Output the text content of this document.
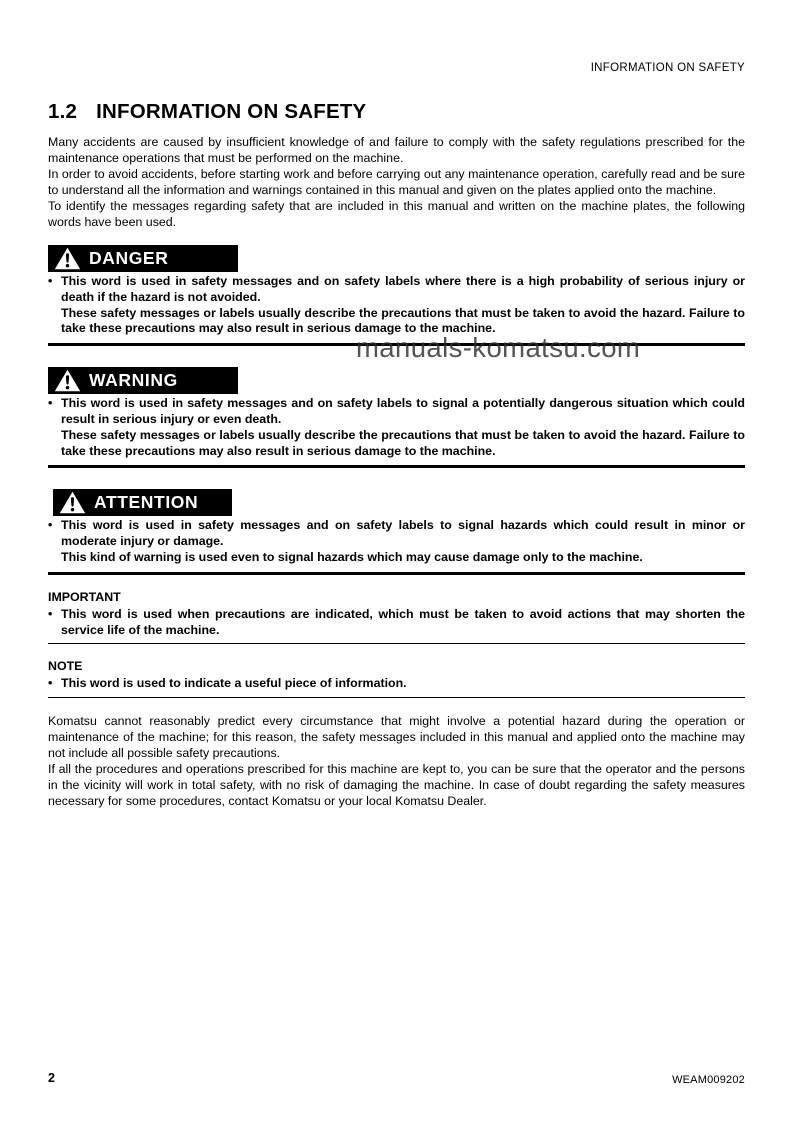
INFORMATION ON SAFETY
1.2 INFORMATION ON SAFETY

Many accidents are caused by insufficient knowledge of and failure to comply with the safety regulations prescribed for the maintenance operations that must be performed on the machine.

In order to avoid accidents, before starting work and before carrying out any maintenance operation, carefully read and be sure to understand all the information and warnings contained in this manual and given on the plates applied onto the machine.

To identify the messages regarding safety that are included in this manual and written on the machine plates, the following words have been used.

DANGER
• This word is used in safety messages and on safety labels where there is a high probability of serious injury or death if the hazard is not avoided.

These safety messages or labels usually describe the precautions that must be taken to avoid the hazard. Failure to take these precautions may also result in serious damage to the machine.

WARNING
• This word is used in safety messages and on safety labels to signal a potentially dangerous situation which could result in serious injury or even death.

These safety messages or labels usually describe the precautions that must be taken to avoid the hazard. Failure to take these precautions may also result in serious damage to the machine.

ATTENTION
• This word is used in safety messages and on safety labels to signal hazards which could result in minor or moderate injury or damage.

This kind of warning is used even to signal hazards which may cause damage only to the machine.

IMPORTANT
• This word is used when precautions are indicated, which must be taken to avoid actions that may shorten the service life of the machine.

NOTE
• This word is used to indicate a useful piece of information.

Komatsu cannot reasonably predict every circumstance that might involve a potential hazard during the operation or maintenance of the machine; for this reason, the safety messages included in this manual and applied onto the machine may not include all possible safety precautions.

If all the procedures and operations prescribed for this machine are kept to, you can be sure that the operator and the persons in the vicinity will work in total safety, with no risk of damaging the machine. In case of doubt regarding the safety measures necessary for some procedures, contact Komatsu or your local Komatsu Dealer.

manuals-komatsu.com
2	WEAM009202
